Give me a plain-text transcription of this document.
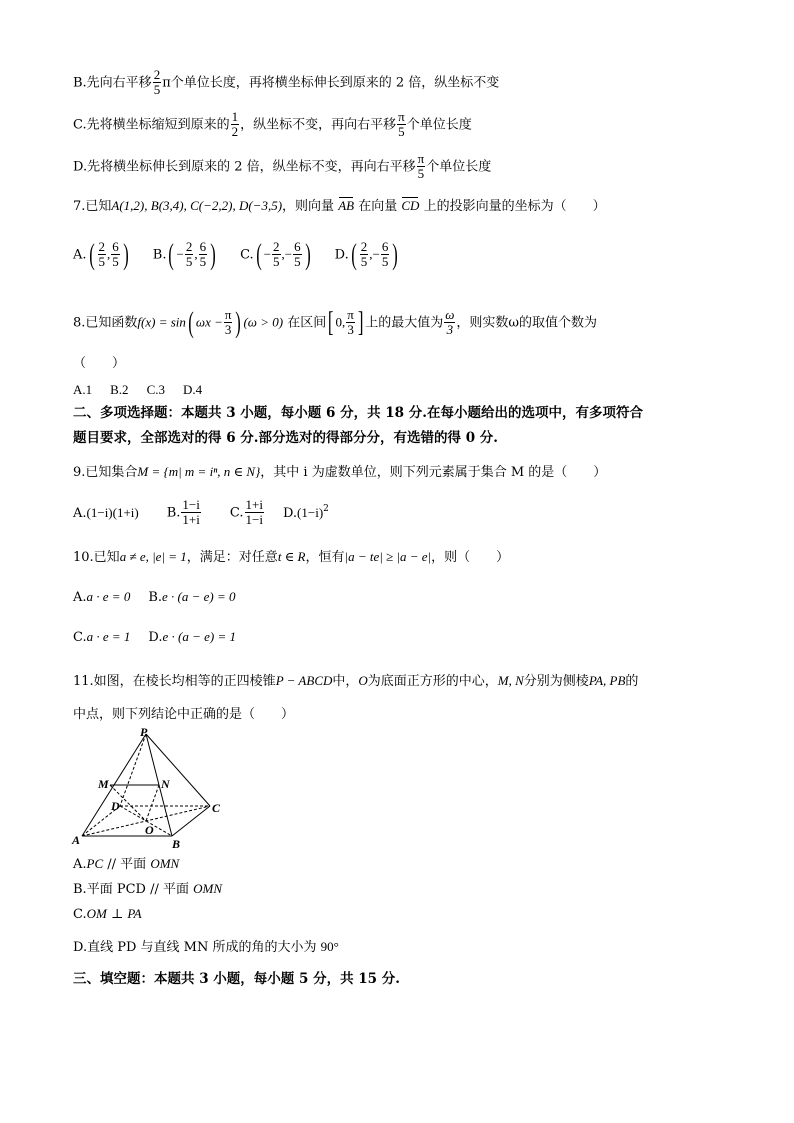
B.先向右平移 $\frac{2}{5}$ π个单位长度，再将横坐标伸长到原来的 2 倍，纵坐标不变
C.先将横坐标缩短到原来的 $\frac{1}{2}$ ，纵坐标不变，再向右平移 $\frac{\pi}{5}$ 个单位长度
D.先将横坐标伸长到原来的 2 倍，纵坐标不变，再向右平移 $\frac{\pi}{5}$ 个单位长度
7.已知A(1,2), B(3,4), C(−2,2), D(−3,5)，则向量 AB 在向量 CD 上的投影向量的坐标为（　　）
$A.( \frac{2}{5}$ , $\frac{6}{5}$ ) $B.( - \frac{2}{5}$ , $\frac{6}{5}$ ) $C.( - \frac{2}{5}$ ,− $\frac{6}{5}$ ) $D.( \frac{2}{5}$ ,− $\frac{6}{5}$ )
8.已知函数f(x) = sin( $\omega x - \frac{\pi}{3}$ ) (ω > 0) 在区间[ 0, $\frac{\pi}{3}$ ] 上的最大值为 $\frac{\omega}{3}$ ，则实数ω的取值个数为
（　　）
A.1 B.2 C.3 D.4
二、多项选择题：本题共 3 小题，每小题 6 分，共 18 分.在每小题给出的选项中，有多项符合
题目要求，全部选对的得 6 分.部分选对的得部分分，有选错的得 0 分.
9.已知集合M = {m| m = iⁿ, n ∈ N}，其中 i 为虚数单位，则下列元素属于集合 M 的是（　　）
A.(1−i)(1+i) B. $\frac{1-i}{1+i} C$. $\frac{1+i}{1-i} D.(1-i)^2$
10.已知a ≠ e, |e| = 1，满足：对任意t ∈ R，恒有|a − te| ≥ |a − e|，则（　　）
A.a · e = 0 B.e · (a − e) = 0
C.a · e = 1 D.e · (a − e) = 1
11.如图，在棱长均相等的正四棱锥P − ABCD中，O为底面正方形的中心，M, N分别为侧棱PA, PB的
中点，则下列结论中正确的是（　　）
P
M	N
D	C
A
O
B
A.PC // 平面 OMN
B.平面 PCD // 平面 OMN
C.OM ⊥ PA
D.直线 PD 与直线 MN 所成的角的大小为 90°
三、填空题：本题共 3 小题，每小题 5 分，共 15 分.
